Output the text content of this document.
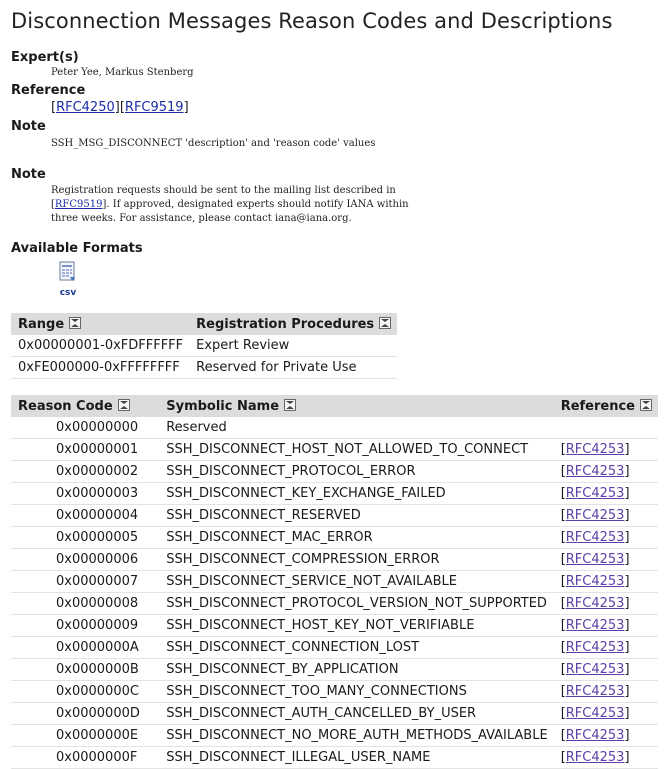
Disconnection Messages Reason Codes and Descriptions
Expert(s)
Peter Yee, Markus Stenberg
Reference
[RFC4250][RFC9519]
Note
SSH_MSG_DISCONNECT 'description' and 'reason code' values
Note
Registration requests should be sent to the mailing list described in
[RFC9519]. If approved, designated experts should notify IANA within
three weeks. For assistance, please contact iana@iana.org.
Available Formats
csv
Range	Registration Procedures
0x00000001-0xFDFFFFFF	Expert Review
0xFE000000-0xFFFFFFFF	Reserved for Private Use
Reason Code	Symbolic Name	Reference
0x00000000	Reserved	
0x00000001	SSH_DISCONNECT_HOST_NOT_ALLOWED_TO_CONNECT	[RFC4253]
0x00000002	SSH_DISCONNECT_PROTOCOL_ERROR	[RFC4253]
0x00000003	SSH_DISCONNECT_KEY_EXCHANGE_FAILED	[RFC4253]
0x00000004	SSH_DISCONNECT_RESERVED	[RFC4253]
0x00000005	SSH_DISCONNECT_MAC_ERROR	[RFC4253]
0x00000006	SSH_DISCONNECT_COMPRESSION_ERROR	[RFC4253]
0x00000007	SSH_DISCONNECT_SERVICE_NOT_AVAILABLE	[RFC4253]
0x00000008	SSH_DISCONNECT_PROTOCOL_VERSION_NOT_SUPPORTED	[RFC4253]
0x00000009	SSH_DISCONNECT_HOST_KEY_NOT_VERIFIABLE	[RFC4253]
0x0000000A	SSH_DISCONNECT_CONNECTION_LOST	[RFC4253]
0x0000000B	SSH_DISCONNECT_BY_APPLICATION	[RFC4253]
0x0000000C	SSH_DISCONNECT_TOO_MANY_CONNECTIONS	[RFC4253]
0x0000000D	SSH_DISCONNECT_AUTH_CANCELLED_BY_USER	[RFC4253]
0x0000000E	SSH_DISCONNECT_NO_MORE_AUTH_METHODS_AVAILABLE	[RFC4253]
0x0000000F	SSH_DISCONNECT_ILLEGAL_USER_NAME	[RFC4253]
